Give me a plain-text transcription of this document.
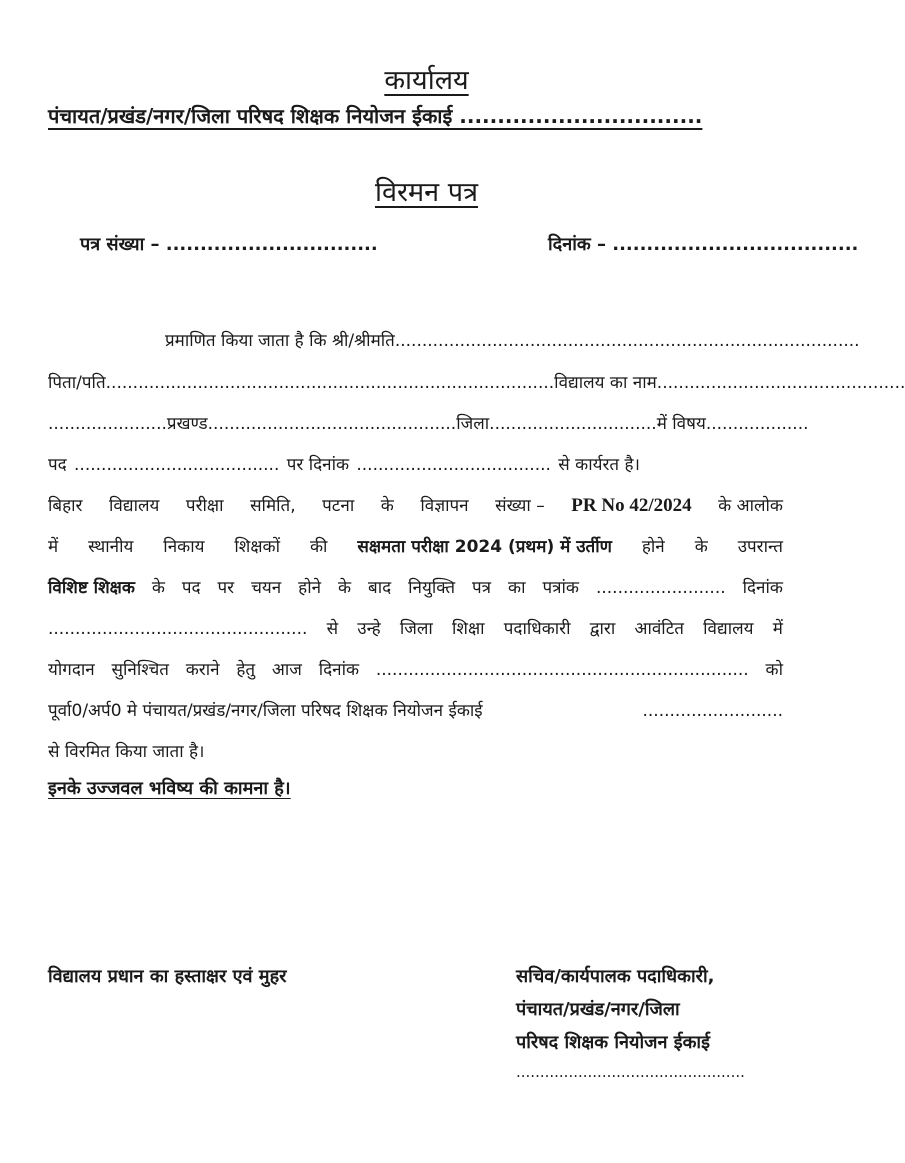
कार्यालय
पंचायत/प्रखंड/नगर/जिला परिषद शिक्षक नियोजन ईकाई ................................
विरमन पत्र
पत्र संख्या – ...............................	दिनांक – ....................................
प्रमाणित किया जाता है कि श्री/श्रीमति ......................................................................................
पिता/पति ................................................................................... विद्यालय का नाम ..............................................
...................... प्रखण्ड .............................................. जिला ............................... में विषय ...................
पद ...................................... पर दिनांक .................................... से कार्यरत है।
बिहार विद्यालय परीक्षा समिति, पटना के विज्ञापन संख्या – PR No 42/2024 के आलोक
में स्थानीय निकाय शिक्षकों की सक्षमता परीक्षा 2024 (प्रथम) में उर्तीण होने के उपरान्त
विशिष्ट शिक्षक के पद पर चयन होने के बाद नियुक्ति पत्र का पत्रांक ........................ दिनांक
................................................ से उन्हे जिला शिक्षा पदाधिकारी द्वारा आवंटित विद्यालय में
योगदान सुनिश्चित कराने हेतु आज दिनांक ..................................................................... को
पूर्वा0/अर्प0 मे पंचायत/प्रखंड/नगर/जिला परिषद शिक्षक नियोजन ईकाई	..........................
से विरमित किया जाता है।
इनके उज्जवल भविष्य की कामना है।
विद्यालय प्रधान का हस्ताक्षर एवं मुहर	सचिव/कार्यपालक पदाधिकारी,
पंचायत/प्रखंड/नगर/जिला
परिषद शिक्षक नियोजन ईकाई
................................................
